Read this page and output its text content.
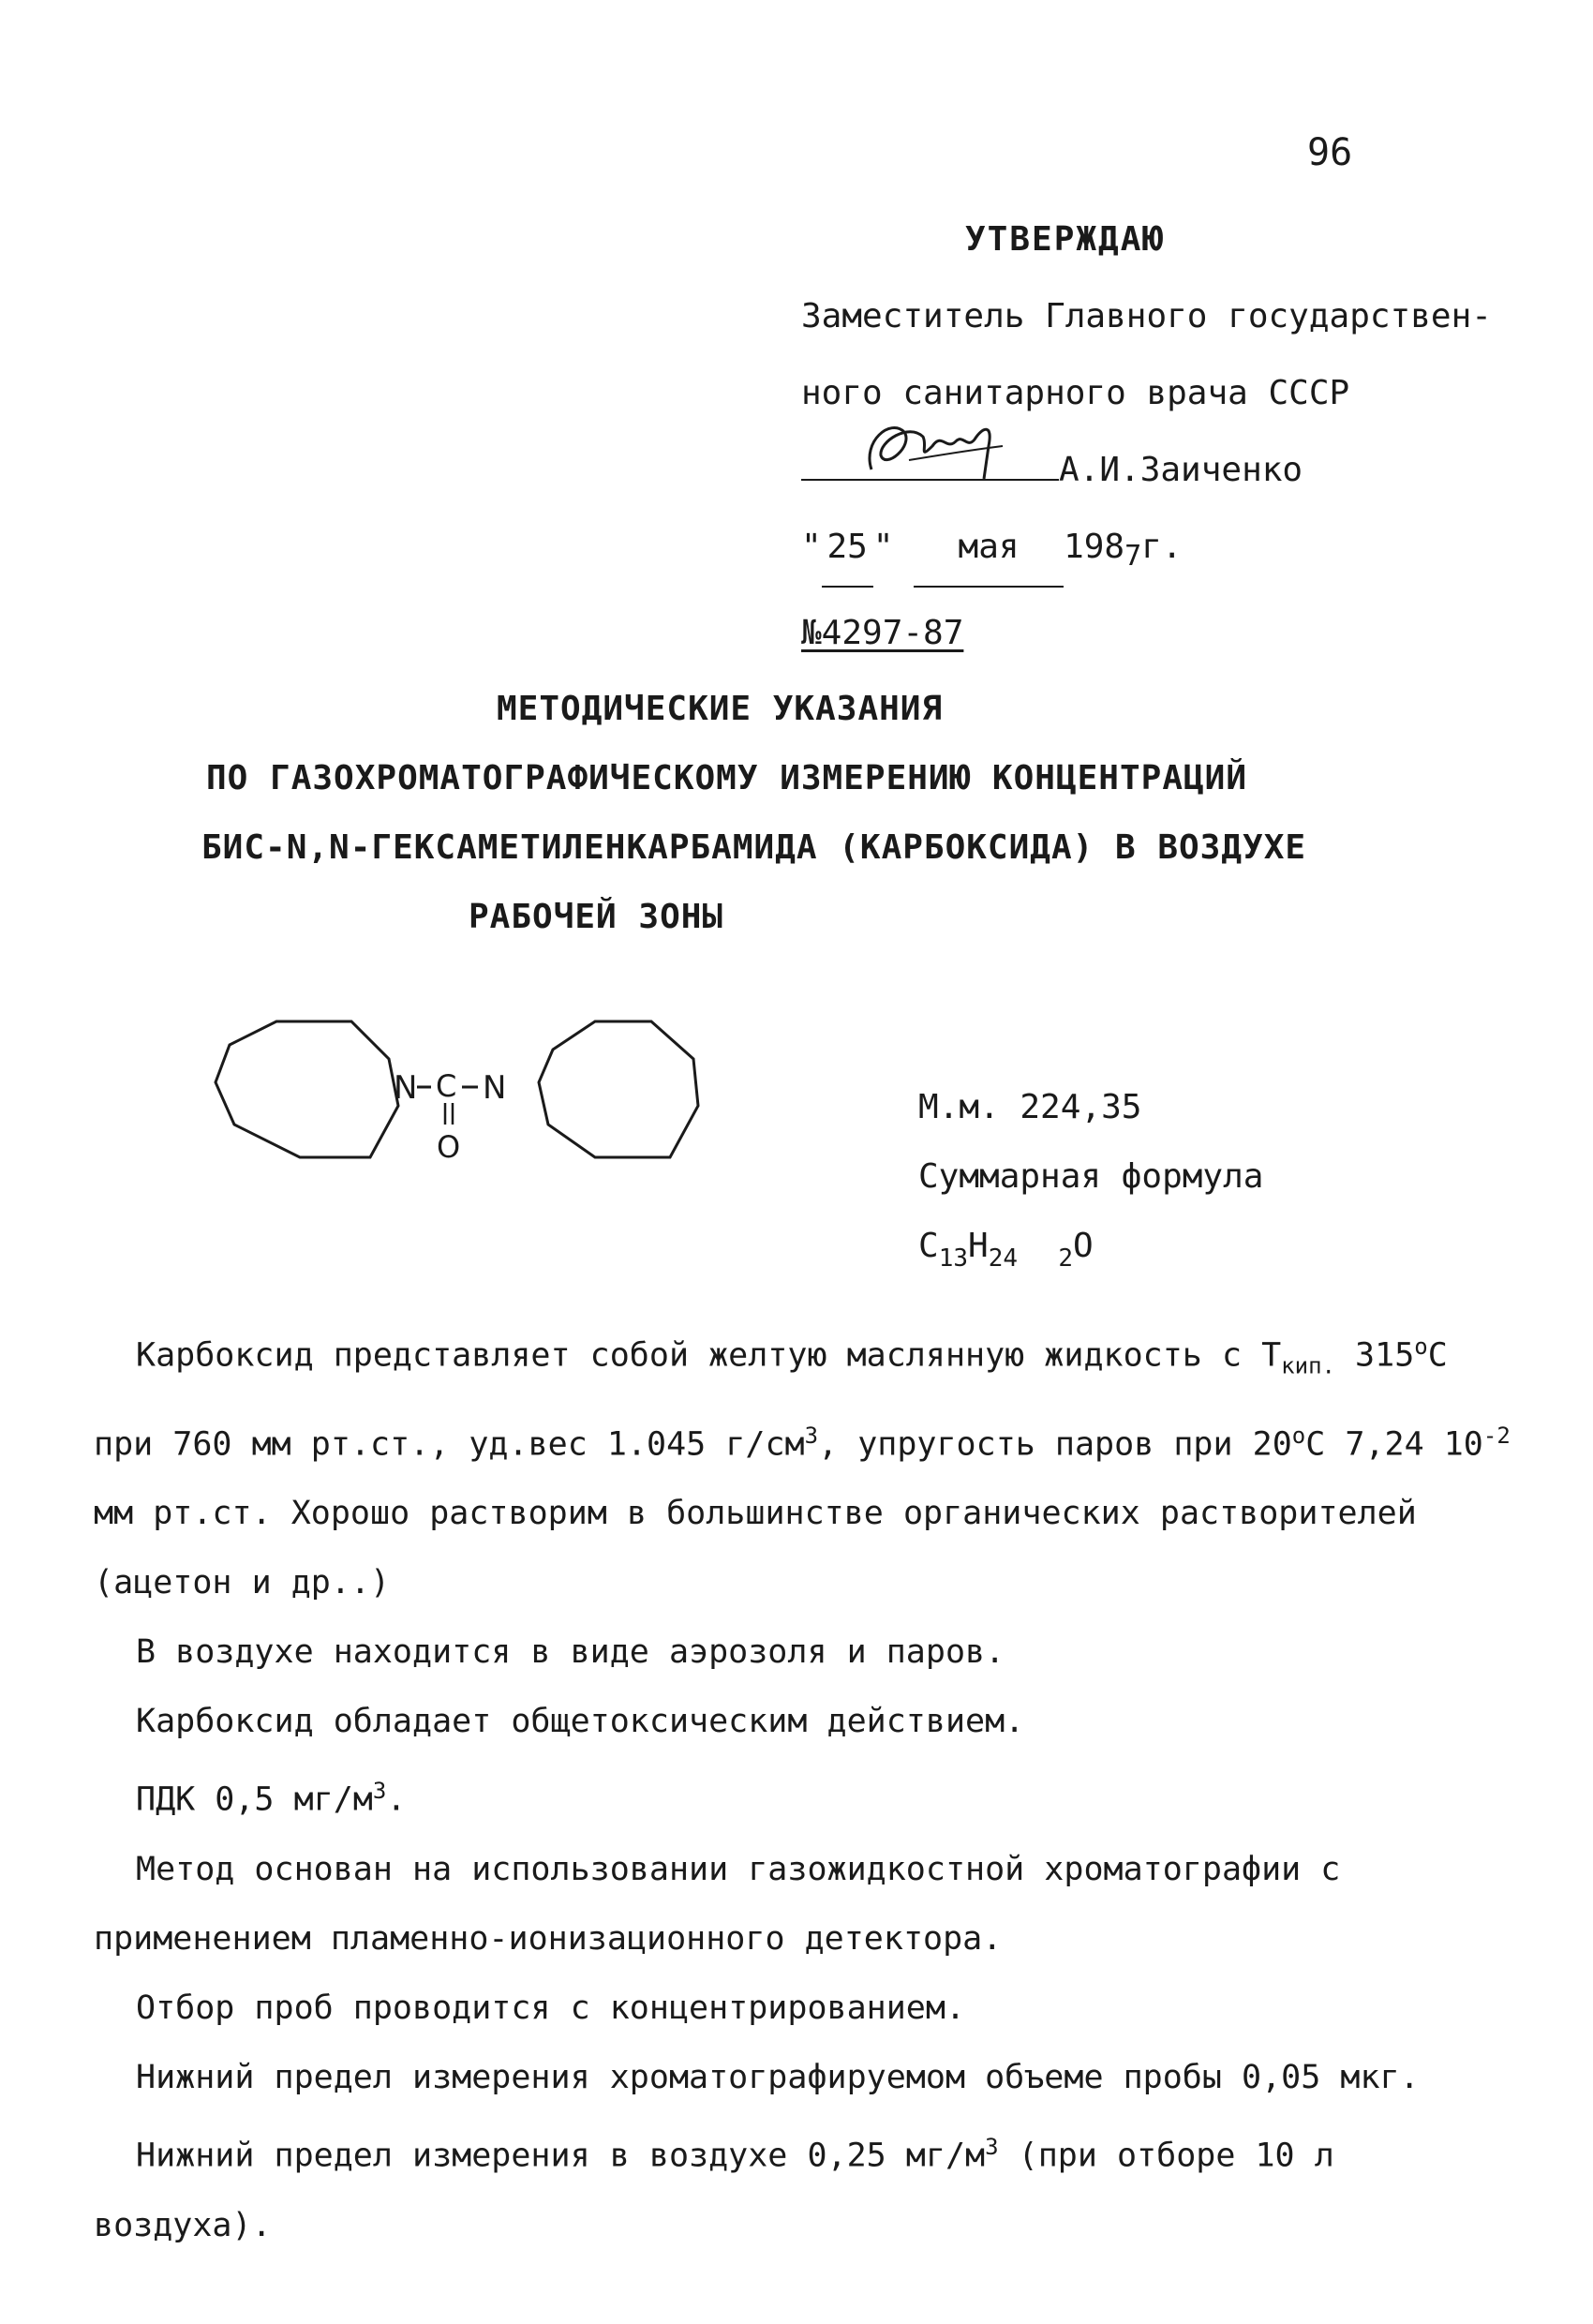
96
УТВЕРЖДАЮ
Заместитель Главного государствен-
ного санитарного врача СССР
А.И.Заиченко
" 25 " мая $198_7г$.
№4297-87
МЕТОДИЧЕСКИЕ УКАЗАНИЯ
ПО ГАЗОХРОМАТОГРАФИЧЕСКОМУ ИЗМЕРЕНИЮ КОНЦЕНТРАЦИЙ
БИС-N,N-ГЕКСАМЕТИЛЕНКАРБАМИДА (КАРБОКСИДА) В ВОЗДУХЕ
РАБОЧЕЙ ЗОНЫ
N C N
O
М.м. 224,35
Суммарная формула
$C_{13}H_{24}$ $_2$O

Карбоксид представляет собой желтую маслянную жидкость с $Т_{кип.}$ $315^оС$ при 760 мм рт.ст., уд.вес 1.045 $г/см^3$, упругость паров при $20^оС$ 7,24 $10^{-2}$ мм рт.ст. Хорошо растворим в большинстве органических растворителей (ацетон и др..)

В воздухе находится в виде аэрозоля и паров.

Карбоксид обладает общетоксическим действием.

ПДК 0,5 $мг/м^3$.

Метод основан на использовании газожидкостной хроматографии с применением пламенно-ионизационного детектора.

Отбор проб проводится с концентрированием.

Нижний предел измерения хроматографируемом объеме пробы 0,05 мкг.

Нижний предел измерения в воздухе 0,25 $мг/м^3$ (при отборе 10 л воздуха).
